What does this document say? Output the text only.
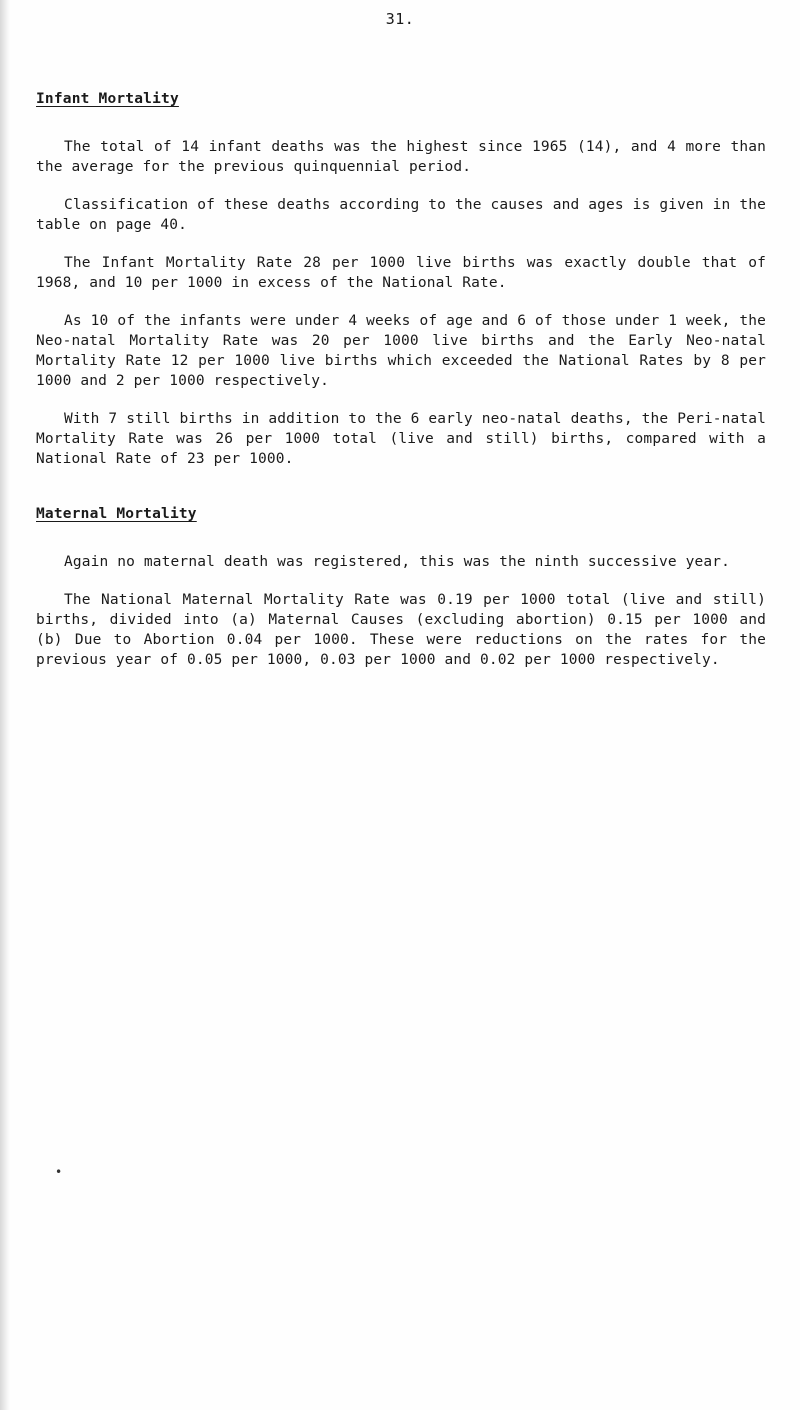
31.
Infant Mortality

The total of 14 infant deaths was the highest since 1965 (14), and 4 more than the average for the previous quinquennial period.

Classification of these deaths according to the causes and ages is given in the table on page 40.

The Infant Mortality Rate 28 per 1000 live births was exactly double that of 1968, and 10 per 1000 in excess of the National Rate.

As 10 of the infants were under 4 weeks of age and 6 of those under 1 week, the Neo-natal Mortality Rate was 20 per 1000 live births and the Early Neo-natal Mortality Rate 12 per 1000 live births which exceeded the National Rates by 8 per 1000 and 2 per 1000 respectively.

With 7 still births in addition to the 6 early neo-natal deaths, the Peri-natal Mortality Rate was 26 per 1000 total (live and still) births, compared with a National Rate of 23 per 1000.

Maternal Mortality

Again no maternal death was registered, this was the ninth successive year.

The National Maternal Mortality Rate was 0.19 per 1000 total (live and still) births, divided into (a) Maternal Causes (excluding abortion) 0.15 per 1000 and (b) Due to Abortion 0.04 per 1000. These were reductions on the rates for the previous year of 0.05 per 1000, 0.03 per 1000 and 0.02 per 1000 respectively.

•
